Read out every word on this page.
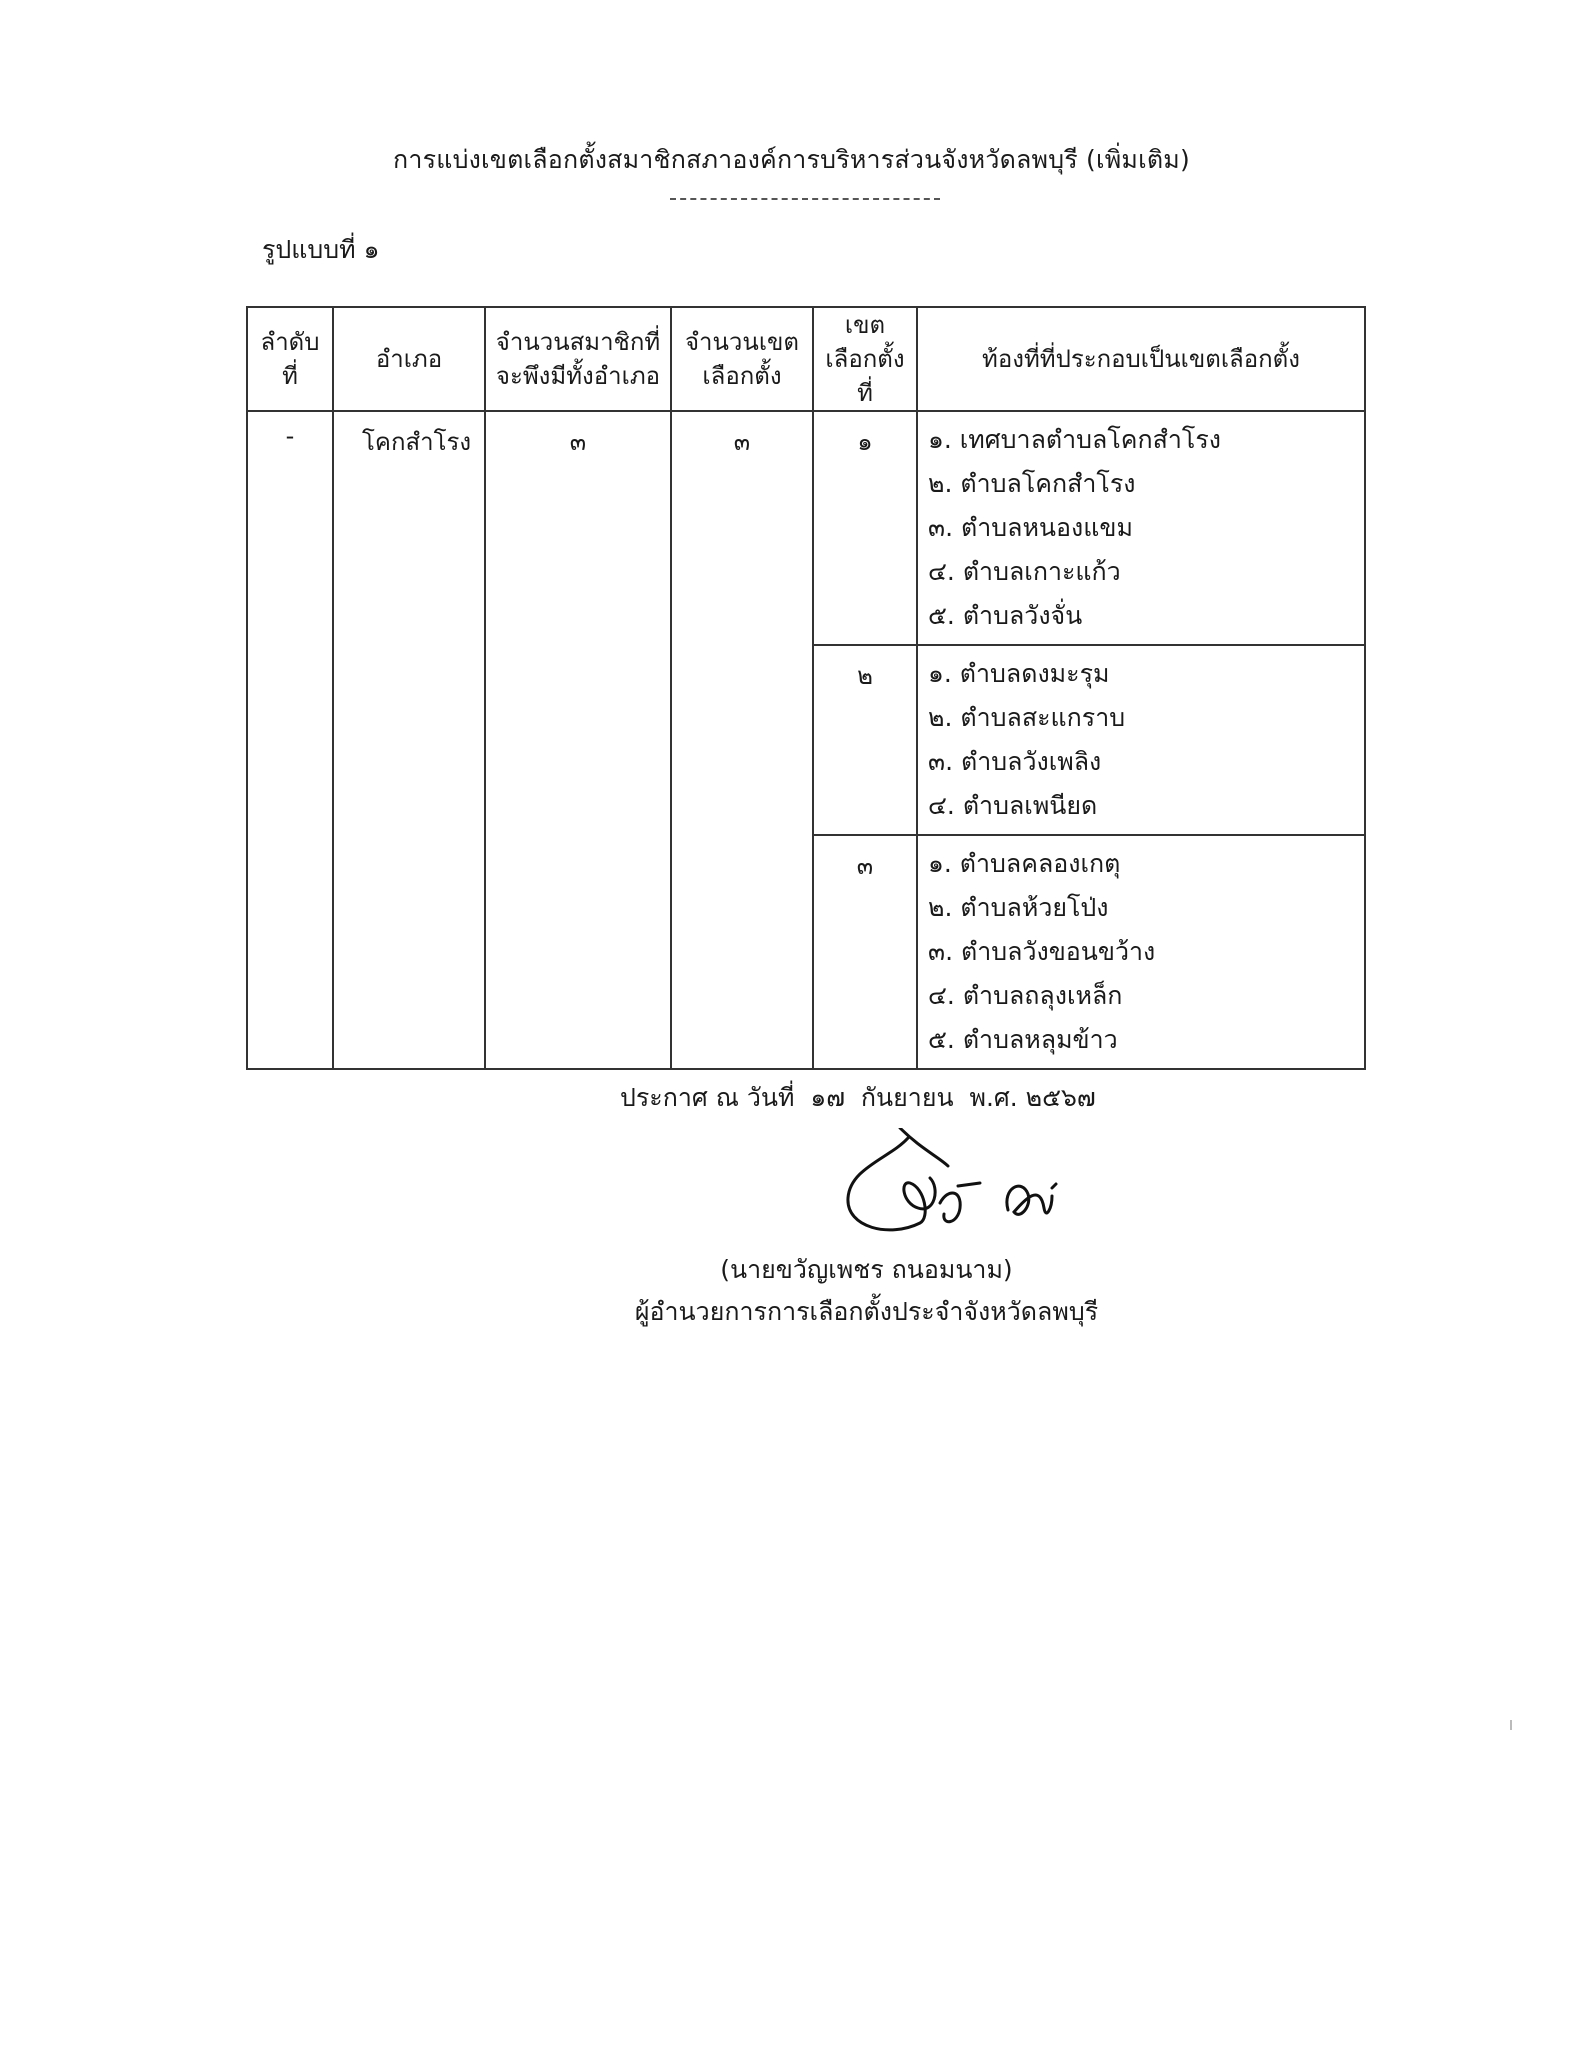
การแบ่งเขตเลือกตั้งสมาชิกสภาองค์การบริหารส่วนจังหวัดลพบุรี (เพิ่มเติม)
รูปแบบที่ ๑
ลำดับ ที่	อำเภอ	จำนวนสมาชิกที่ จะพึงมีทั้งอำเภอ	จำนวนเขต เลือกตั้ง	เขต เลือกตั้งที่	ท้องที่ที่ประกอบเป็นเขตเลือกตั้ง
-	โคกสำโรง	๓	๓	๑	๑. เทศบาลตำบลโคกสำโรง
๒. ตำบลโคกสำโรง
๓. ตำบลหนองแขม
๔. ตำบลเกาะแก้ว
๕. ตำบลวังจั่น

				๒	๑. ตำบลดงมะรุม
๒. ตำบลสะแกราบ
๓. ตำบลวังเพลิง
๔. ตำบลเพนียด

				๓	๑. ตำบลคลองเกตุ
๒. ตำบลห้วยโป่ง
๓. ตำบลวังขอนขว้าง
๔. ตำบลถลุงเหล็ก
๕. ตำบลหลุมข้าว
ประกาศ ณ วันที่  ๑๗  กันยายน  พ.ศ. ๒๕๖๗
(นายขวัญเพชร ถนอมนาม)
ผู้อำนวยการการเลือกตั้งประจำจังหวัดลพบุรี
